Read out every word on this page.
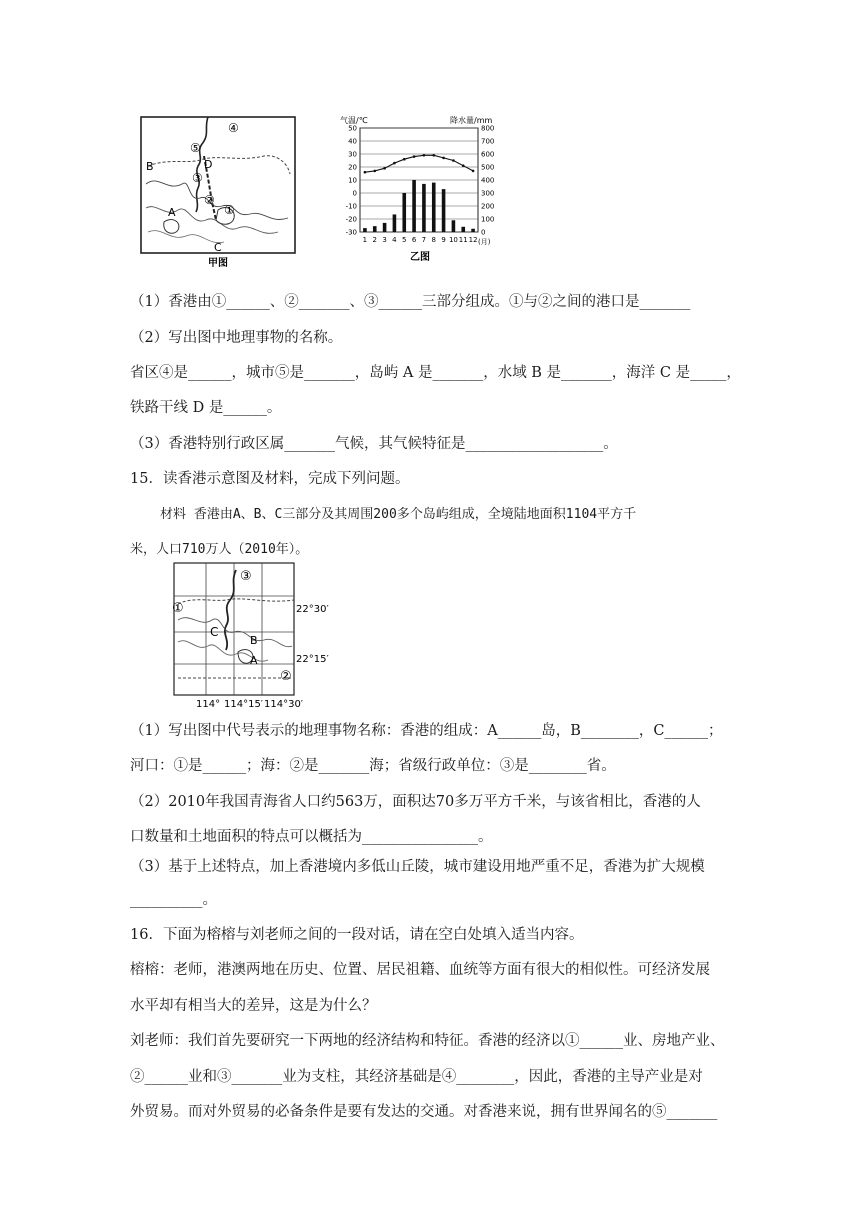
④
⑤
D
B
③
②
①
A
C
甲图
气温/℃	降水量/mm
50	800
40	700
30	600
20	500
10	400
0	300
-10	200
-20	100
-30	0
1 2 3 4 5 6 7 8 9 10 11 12 (月)
乙图
（1）香港由①______、②_______、③______三部分组成。①与②之间的港口是_______
（2）写出图中地理事物的名称。
省区④是______，城市⑤是_______，岛屿 A 是_______，水域 B 是_______，海洋 C 是_____，
铁路干线 D 是______。
（3）香港特别行政区属_______气候，其气候特征是___________________。
15．读香港示意图及材料，完成下列问题。
材料 香港由A、B、C三部分及其周围200多个岛屿组成，全境陆地面积1104平方千
米，人口710万人（2010年）。
③
①
C
B
A
②
22°30′
22°15′
114° 114°15′ 114°30′
（1）写出图中代号表示的地理事物名称：香港的组成：A______岛，B________，C______；
河口：①是______；海：②是_______海；省级行政单位：③是________省。
（2）2010年我国青海省人口约563万，面积达70多万平方千米，与该省相比，香港的人
口数量和土地面积的特点可以概括为________________。
（3）基于上述特点，加上香港境内多低山丘陵，城市建设用地严重不足，香港为扩大规模
__________。
16．下面为榕榕与刘老师之间的一段对话，请在空白处填入适当内容。
榕榕：老师，港澳两地在历史、位置、居民祖籍、血统等方面有很大的相似性。可经济发展
水平却有相当大的差异，这是为什么？
刘老师：我们首先要研究一下两地的经济结构和特征。香港的经济以①______业、房地产业、
②______业和③_______业为支柱，其经济基础是④________，因此，香港的主导产业是对
外贸易。而对外贸易的必备条件是要有发达的交通。对香港来说，拥有世界闻名的⑤_______
